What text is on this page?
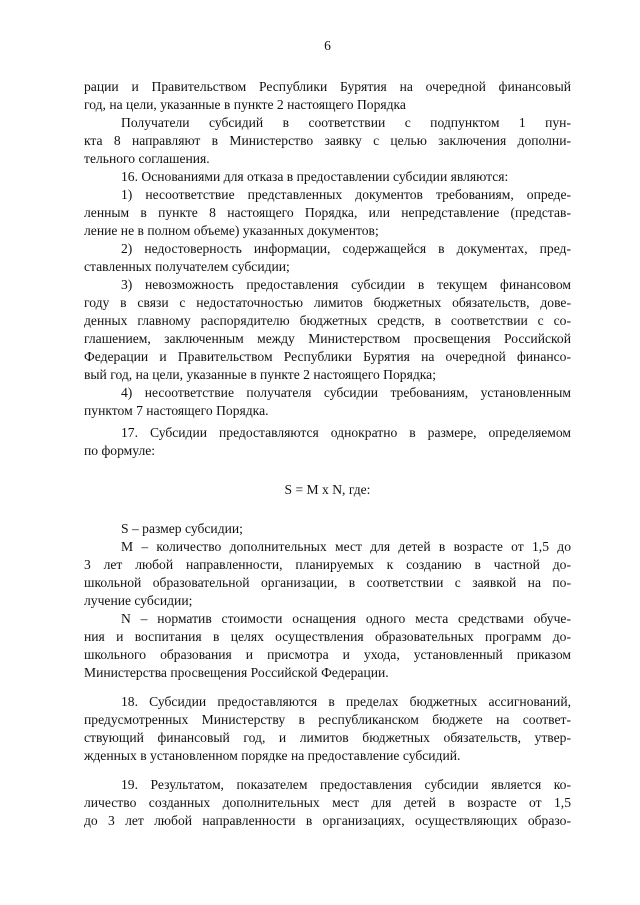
6
рации и Правительством Республики Бурятия на очередной финансовый
год, на цели, указанные в пункте 2 настоящего Порядка
Получатели субсидий в соответствии с подпунктом 1 пун-
кта 8 направляют в Министерство заявку с целью заключения дополни-
тельного соглашения.
16. Основаниями для отказа в предоставлении субсидии являются:
1) несоответствие представленных документов требованиям, опреде-
ленным в пункте 8 настоящего Порядка, или непредставление (представ-
ление не в полном объеме) указанных документов;
2) недостоверность информации, содержащейся в документах, пред-
ставленных получателем субсидии;
3) невозможность предоставления субсидии в текущем финансовом
году в связи с недостаточностью лимитов бюджетных обязательств, дове-
денных главному распорядителю бюджетных средств, в соответствии с со-
глашением, заключенным между Министерством просвещения Российской
Федерации и Правительством Республики Бурятия на очередной финансо-
вый год, на цели, указанные в пункте 2 настоящего Порядка;
4) несоответствие получателя субсидии требованиям, установленным
пунктом 7 настоящего Порядка.
17. Субсидии предоставляются однократно в размере, определяемом
по формуле:
S = M x N, где:
S – размер субсидии;
M – количество дополнительных мест для детей в возрасте от 1,5 до
3 лет любой направленности, планируемых к созданию в частной до-
школьной образовательной организации, в соответствии с заявкой на по-
лучение субсидии;
N – норматив стоимости оснащения одного места средствами обуче-
ния и воспитания в целях осуществления образовательных программ до-
школьного образования и присмотра и ухода, установленный приказом
Министерства просвещения Российской Федерации.
18. Субсидии предоставляются в пределах бюджетных ассигнований,
предусмотренных Министерству в республиканском бюджете на соответ-
ствующий финансовый год, и лимитов бюджетных обязательств, утвер-
жденных в установленном порядке на предоставление субсидий.
19. Результатом, показателем предоставления субсидии является ко-
личество созданных дополнительных мест для детей в возрасте от 1,5
до 3 лет любой направленности в организациях, осуществляющих образо-
